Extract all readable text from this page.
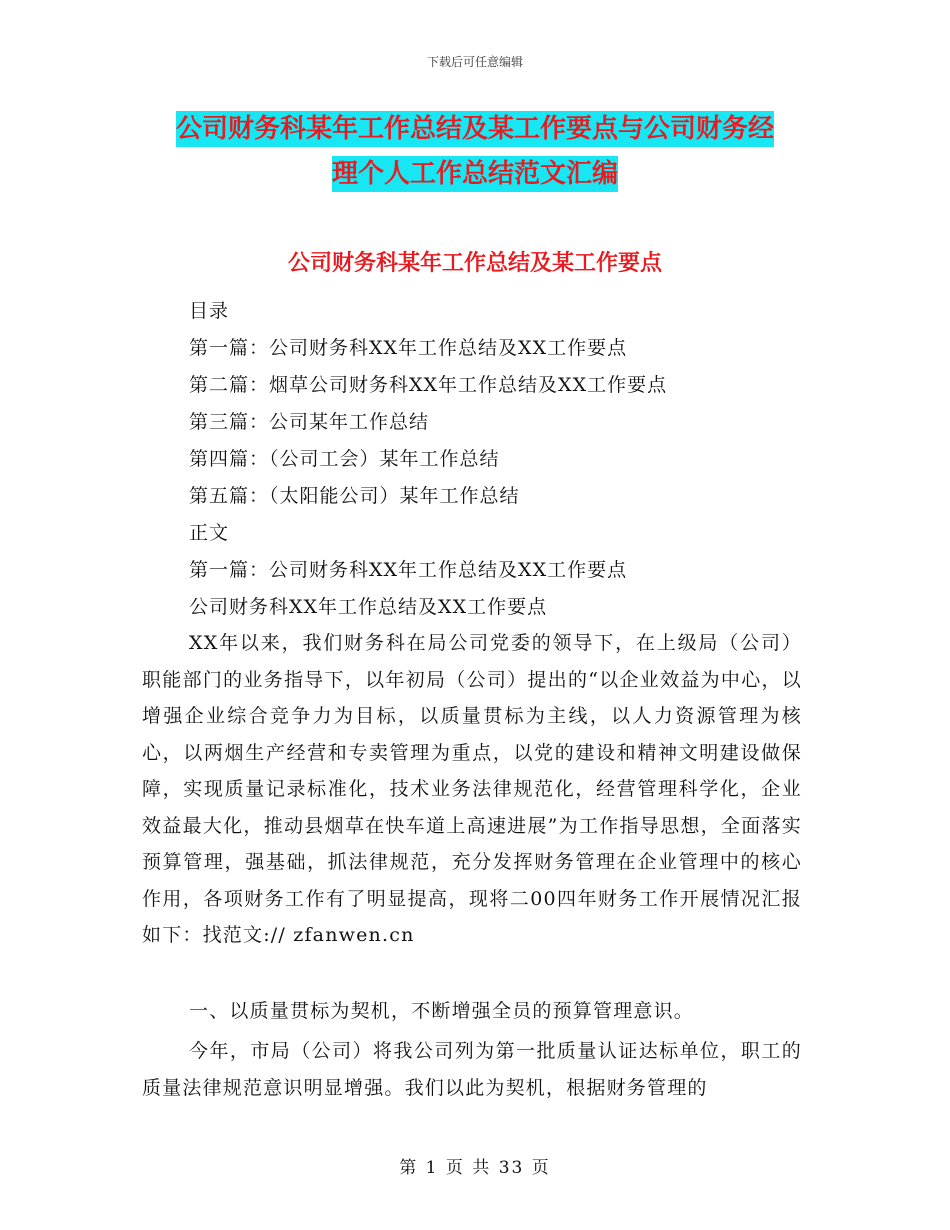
下载后可任意编辑
公司财务科某年工作总结及某工作要点与公司财务经
理个人工作总结范文汇编
公司财务科某年工作总结及某工作要点
目录
第一篇：公司财务科XX年工作总结及XX工作要点
第二篇：烟草公司财务科XX年工作总结及XX工作要点
第三篇：公司某年工作总结
第四篇：（公司工会）某年工作总结
第五篇：（太阳能公司）某年工作总结
正文
第一篇：公司财务科XX年工作总结及XX工作要点
公司财务科XX年工作总结及XX工作要点

XX年以来，我们财务科在局公司党委的领导下，在上级局（公司）职能部门的业务指导下，以年初局（公司）提出的“以企业效益为中心，以增强企业综合竞争力为目标，以质量贯标为主线，以人力资源管理为核心，以两烟生产经营和专卖管理为重点，以党的建设和精神文明建设做保障，实现质量记录标准化，技术业务法律规范化，经营管理科学化，企业效益最大化，推动县烟草在快车道上高速进展”为工作指导思想，全面落实预算管理，强基础，抓法律规范，充分发挥财务管理在企业管理中的核心作用，各项财务工作有了明显提高，现将二00四年财务工作开展情况汇报如下：找范文:// zfanwen.cn

一、以质量贯标为契机，不断增强全员的预算管理意识。

今年，市局（公司）将我公司列为第一批质量认证达标单位，职工的质量法律规范意识明显增强。我们以此为契机，根据财务管理的

第 1 页 共 33 页
